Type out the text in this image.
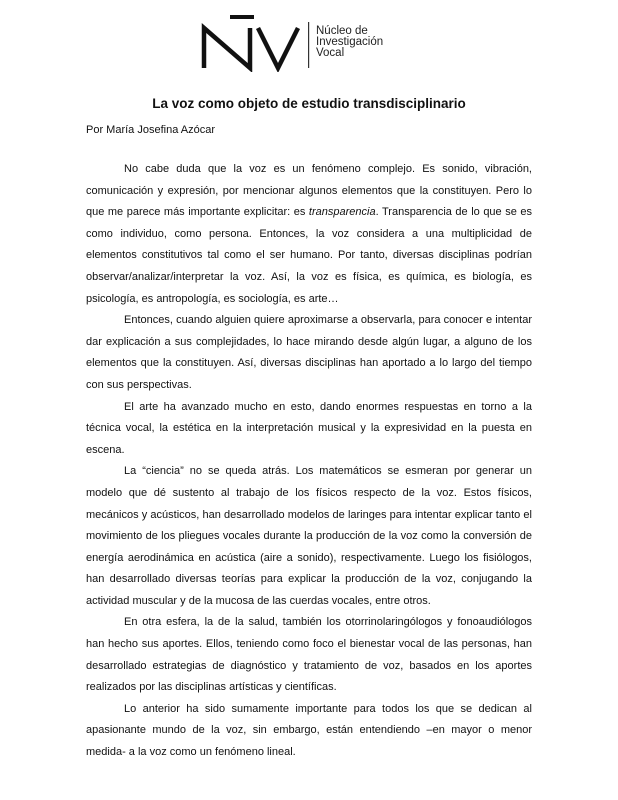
Núcleo de
Investigación
Vocal
La voz como objeto de estudio transdisciplinario
Por María Josefina Azócar

No cabe duda que la voz es un fenómeno complejo. Es sonido, vibración, comunicación y expresión, por mencionar algunos elementos que la constituyen. Pero lo que me parece más importante explicitar: es transparencia. Transparencia de lo que se es como individuo, como persona. Entonces, la voz considera a una multiplicidad de elementos constitutivos tal como el ser humano. Por tanto, diversas disciplinas podrían observar/analizar/interpretar la voz. Así, la voz es física, es química, es biología, es psicología, es antropología, es sociología, es arte…

Entonces, cuando alguien quiere aproximarse a observarla, para conocer e intentar dar explicación a sus complejidades, lo hace mirando desde algún lugar, a alguno de los elementos que la constituyen. Así, diversas disciplinas han aportado a lo largo del tiempo con sus perspectivas.

El arte ha avanzado mucho en esto, dando enormes respuestas en torno a la técnica vocal, la estética en la interpretación musical y la expresividad en la puesta en escena.

La “ciencia” no se queda atrás. Los matemáticos se esmeran por generar un modelo que dé sustento al trabajo de los físicos respecto de la voz. Estos físicos, mecánicos y acústicos, han desarrollado modelos de laringes para intentar explicar tanto el movimiento de los pliegues vocales durante la producción de la voz como la conversión de energía aerodinámica en acústica (aire a sonido), respectivamente. Luego los fisiólogos, han desarrollado diversas teorías para explicar la producción de la voz, conjugando la actividad muscular y de la mucosa de las cuerdas vocales, entre otros.

En otra esfera, la de la salud, también los otorrinolaringólogos y fonoaudiólogos han hecho sus aportes. Ellos, teniendo como foco el bienestar vocal de las personas, han desarrollado estrategias de diagnóstico y tratamiento de voz, basados en los aportes realizados por las disciplinas artísticas y científicas.

Lo anterior ha sido sumamente importante para todos los que se dedican al apasionante mundo de la voz, sin embargo, están entendiendo –en mayor o menor medida- a la voz como un fenómeno lineal.
